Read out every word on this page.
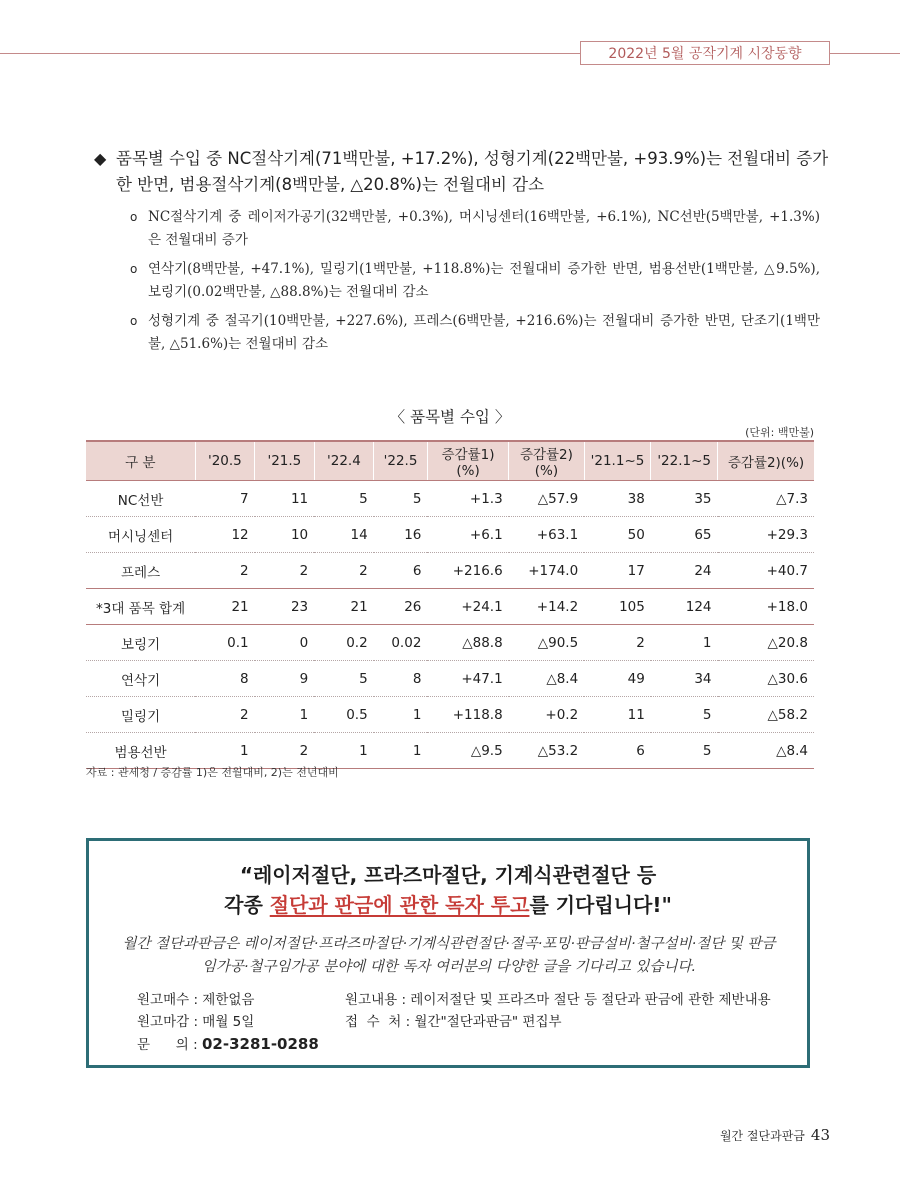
2022년 5월 공작기계 시장동향
◆ 품목별 수입 중 NC절삭기계(71백만불, +17.2%), 성형기계(22백만불, +93.9%)는 전월대비 증가한 반면, 범용절삭기계(8백만불, △20.8%)는 전월대비 감소
o NC절삭기계 중 레이저가공기(32백만불, +0.3%), 머시닝센터(16백만불, +6.1%), NC선반(5백만불, +1.3%)은 전월대비 증가
o 연삭기(8백만불, +47.1%), 밀링기(1백만불, +118.8%)는 전월대비 증가한 반면, 범용선반(1백만불, △9.5%), 보링기(0.02백만불, △88.8%)는 전월대비 감소
o 성형기계 중 절곡기(10백만불, +227.6%), 프레스(6백만불, +216.6%)는 전월대비 증가한 반면, 단조기(1백만불, △51.6%)는 전월대비 감소
〈 품목별 수입 〉
(단위: 백만불)
구 분	'20.5	'21.5	'22.4	'22.5	증감률1)(%)	증감률2)(%)	'21.1~5	'22.1~5	증감률2)(%)
NC선반	7	11	5	5	+1.3	△57.9	38	35	△7.3
머시닝센터	12	10	14	16	+6.1	+63.1	50	65	+29.3
프레스	2	2	2	6	+216.6	+174.0	17	24	+40.7
*3대 품목 합계	21	23	21	26	+24.1	+14.2	105	124	+18.0
보링기	0.1	0	0.2	0.02	△88.8	△90.5	2	1	△20.8
연삭기	8	9	5	8	+47.1	△8.4	49	34	△30.6
밀링기	2	1	0.5	1	+118.8	+0.2	11	5	△58.2
범용선반	1	2	1	1	△9.5	△53.2	6	5	△8.4
자료 : 관세청 / 증감률 1)은 전월대비, 2)는 전년대비
“레이저절단, 프라즈마절단, 기계식관련절단 등
각종 절단과 판금에 관한 독자 투고를 기다립니다!"
월간 절단과판금은 레이저절단·프라즈마절단·기계식관련절단·절곡·포밍·판금설비·철구설비·절단 및 판금
임가공·철구임가공 분야에 대한 독자 여러분의 다양한 글을 기다리고 있습니다.
원고매수 : 제한없음
원고마감 : 매월 5일
문      의 : 02-3281-0288
원고내용 : 레이저절단 및 프라즈마 절단 등 절단과 판금에 관한 제반내용
접  수  처 : 월간"절단과판금" 편집부
월간 절단과판금 43
